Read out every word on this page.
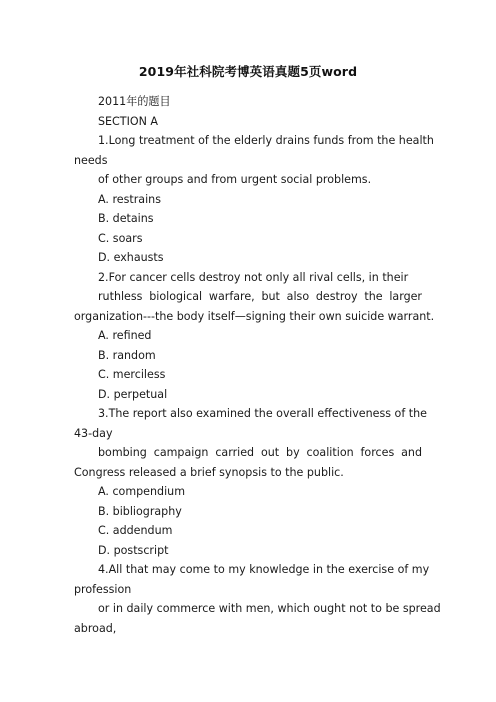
2019年社科院考博英语真题5页word
2011年的题目
SECTION A
1.Long treatment of the elderly drains funds from the health
needs
of other groups and from urgent social problems.
A. restrains
B. detains
C. soars
D. exhausts
2.For cancer cells destroy not only all rival cells, in their
ruthless biological warfare, but also destroy the larger
organization---the body itself—signing their own suicide warrant.
A. refined
B. random
C. merciless
D. perpetual
3.The report also examined the overall effectiveness of the
43-day
bombing campaign carried out by coalition forces and
Congress released a brief synopsis to the public.
A. compendium
B. bibliography
C. addendum
D. postscript
4.All that may come to my knowledge in the exercise of my
profession
or in daily commerce with men, which ought not to be spread
abroad,
